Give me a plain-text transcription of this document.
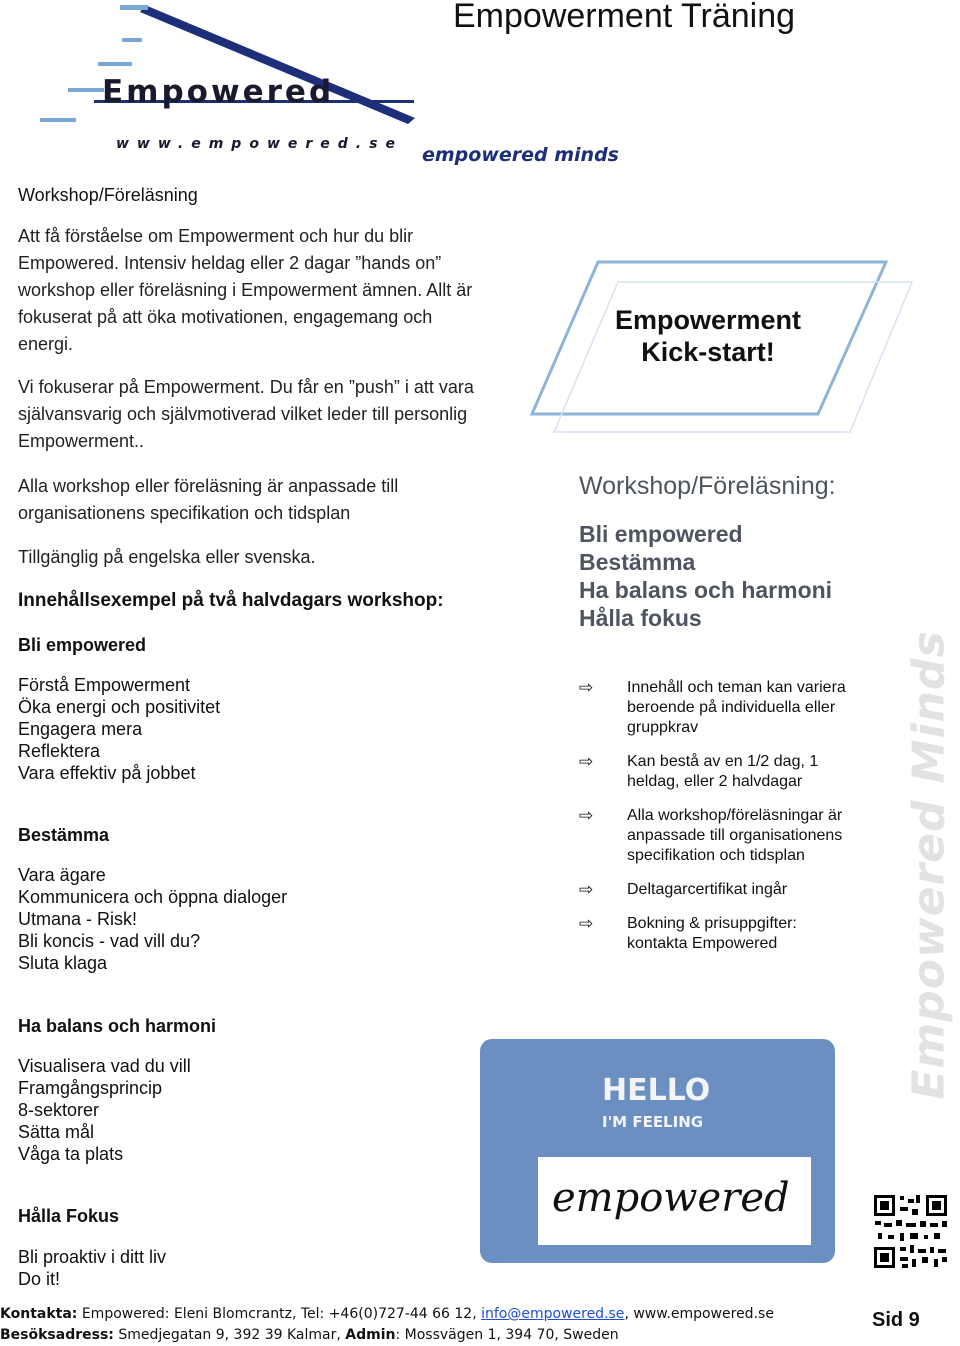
Empowered
www.empowered.se empowered minds
Empowerment Träning
Workshop/Föreläsning
Att få förståelse om Empowerment och hur du blir
Empowered. Intensiv heldag eller 2 dagar ”hands on”
workshop eller föreläsning i Empowerment ämnen. Allt är
fokuserat på att öka motivationen, engagemang och
energi.
Vi fokuserar på Empowerment. Du får en ”push” i att vara
självansvarig och självmotiverad vilket leder till personlig
Empowerment..
Alla workshop eller föreläsning är anpassade till
organisationens specifikation och tidsplan
Tillgänglig på engelska eller svenska.
Innehållsexempel på två halvdagars workshop:
Bli empowered
Förstå Empowerment
Öka energi och positivitet
Engagera mera
Reflektera
Vara effektiv på jobbet
Bestämma
Vara ägare
Kommunicera och öppna dialoger
Utmana - Risk!
Bli koncis - vad vill du?
Sluta klaga
Ha balans och harmoni
Visualisera vad du vill
Framgångsprincip
8-sektorer
Sätta mål
Våga ta plats
Hålla Fokus
Bli proaktiv i ditt liv
Do it!
Empowerment
Kick-start!
Workshop/Föreläsning:
Bli empowered
Bestämma
Ha balans och harmoni
Hålla fokus
⇨	Innehåll och teman kan variera
beroende på individuella eller
gruppkrav
⇨	Kan bestå av en 1/2 dag, 1
heldag, eller 2 halvdagar
⇨	Alla workshop/föreläsningar är
anpassade till organisationens
specifikation och tidsplan
⇨	Deltagarcertifikat ingår
⇨	Bokning & prisuppgifter:
kontakta Empowered	Empowered Minds
HELLO
I'M FEELING
empowered
Kontakta: Empowered: Eleni Blomcrantz, Tel: +46(0)727-44 66 12, info@empowered.se, www.empowered.se
Besöksadress: Smedjegatan 9, 392 39 Kalmar, Admin: Mossvägen 1, 394 70, Sweden
Sid 9
